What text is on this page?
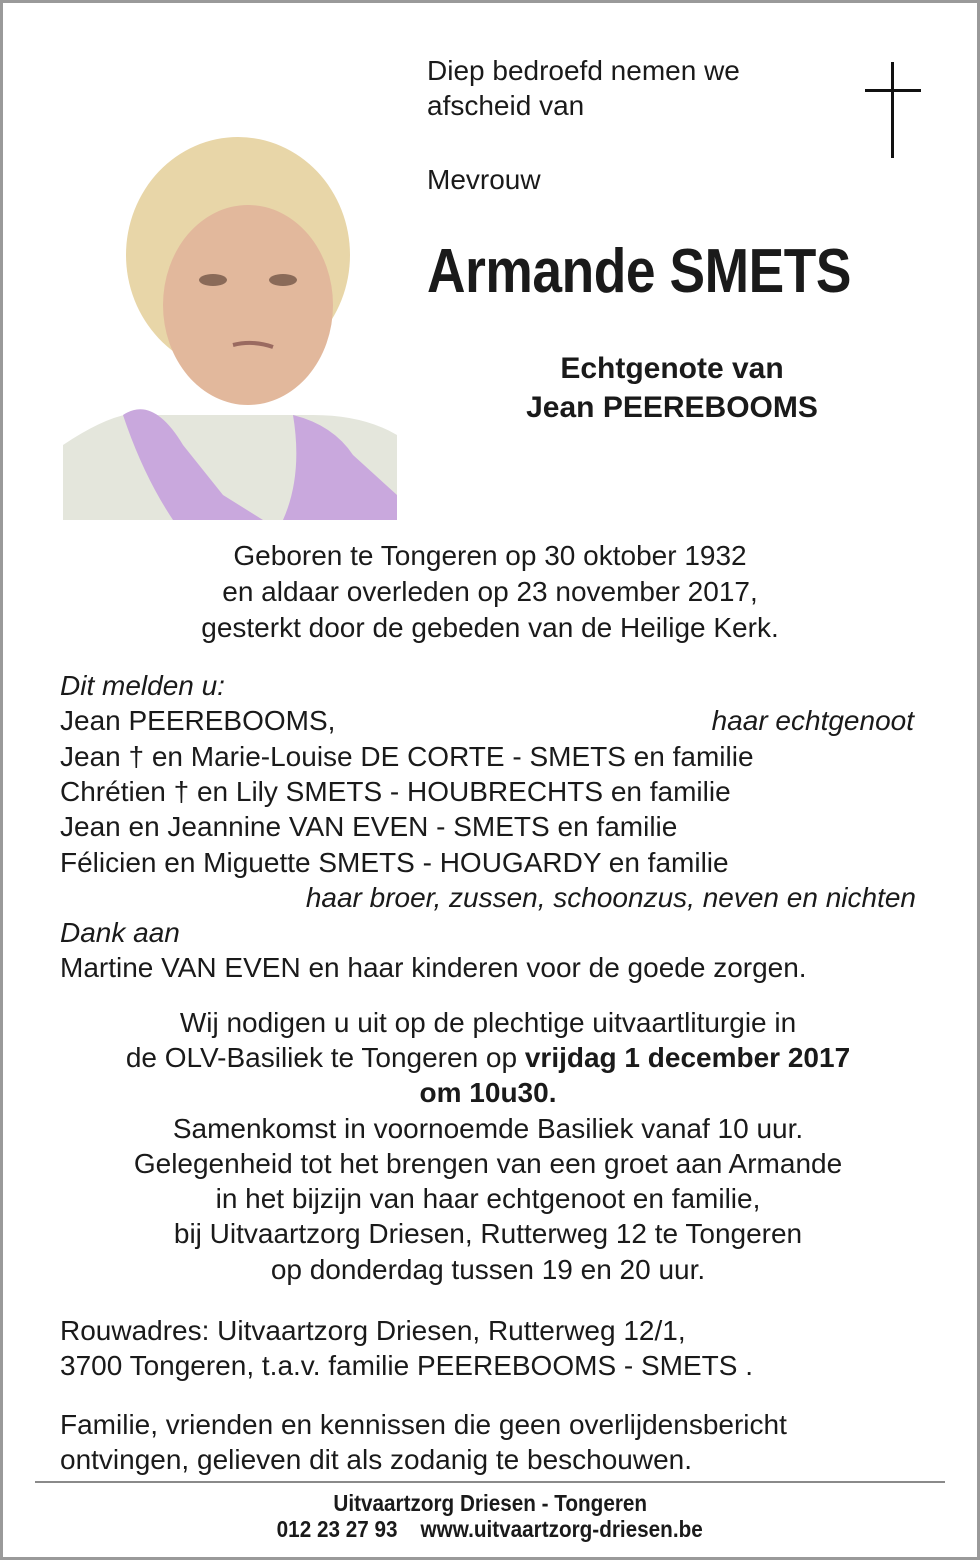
Diep bedroefd nemen we
afscheid van
Mevrouw
Armande SMETS
Echtgenote van
Jean PEEREBOOMS
Geboren te Tongeren op 30 oktober 1932
en aldaar overleden op 23 november 2017,
gesterkt door de gebeden van de Heilige Kerk.
Dit melden u:
Jean PEEREBOOMS,	haar echtgenoot
Jean † en Marie-Louise DE CORTE - SMETS en familie
Chrétien † en Lily SMETS - HOUBRECHTS en familie
Jean en Jeannine VAN EVEN - SMETS en familie
Félicien en Miguette SMETS - HOUGARDY en familie
haar broer, zussen, schoonzus, neven en nichten
Dank aan
Martine VAN EVEN en haar kinderen voor de goede zorgen.
Wij nodigen u uit op de plechtige uitvaartliturgie in
de OLV-Basiliek te Tongeren op vrijdag 1 december 2017
om 10u30.
Samenkomst in voornoemde Basiliek vanaf 10 uur.
Gelegenheid tot het brengen van een groet aan Armande
in het bijzijn van haar echtgenoot en familie,
bij Uitvaartzorg Driesen, Rutterweg 12 te Tongeren
op donderdag tussen 19 en 20 uur.
Rouwadres: Uitvaartzorg Driesen, Rutterweg 12/1,
3700 Tongeren, t.a.v. familie PEEREBOOMS - SMETS .
Familie, vrienden en kennissen die geen overlijdensbericht
ontvingen, gelieven dit als zodanig te beschouwen.
Uitvaartzorg Driesen - Tongeren
012 23 27 93 www.uitvaartzorg-driesen.be
